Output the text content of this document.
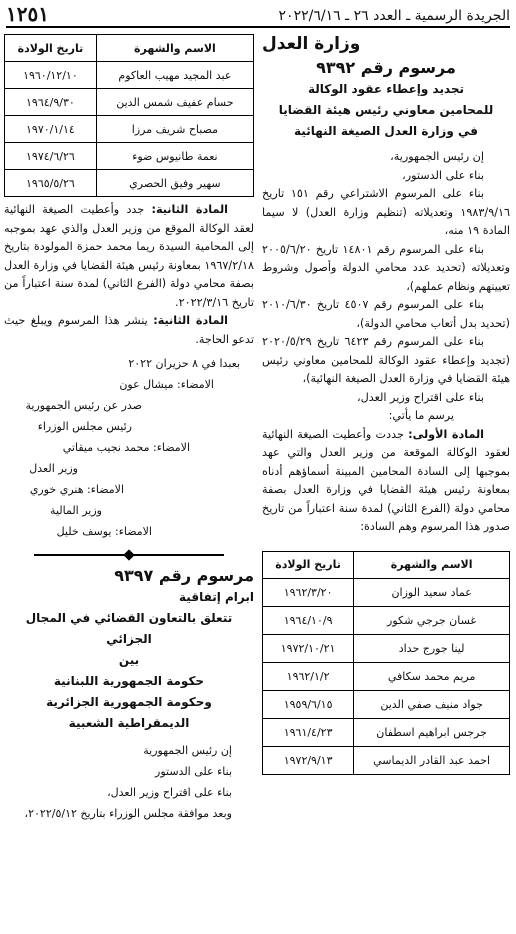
الجريدة الرسمية ـ العدد ٢٦ ـ ٢٠٢٢/٦/١٦
١٢٥١
وزارة العدل
مرسوم رقم ٩٣٩٢
تجديد وإعطاء عقود الوكالة
للمحامين معاوني رئيس هيئة القضايا
في وزارة العدل الصيغة النهائية

إن رئيس الجمهورية،

بناء على الدستور،

بناء على المرسوم الاشتراعي رقم ١٥١ تاريخ ١٩٨٣/٩/١٦ وتعديلاته (تنظيم وزارة العدل) لا سيما المادة ١٩ منه،

بناء على المرسوم رقم ١٤٨٠١ تاريخ ٢٠٠٥/٦/٢٠ وتعديلاته (تحديد عدد محامي الدولة وأصول وشروط تعيينهم ونظام عملهم)،

بناء على المرسوم رقم ٤٥٠٧ تاريخ ٢٠١٠/٦/٣٠ (تحديد بدل أتعاب محامي الدولة)،

بناء على المرسوم رقم ٦٤٢٣ تاريخ ٢٠٢٠/٥/٢٩ (تجديد وإعطاء عقود الوكالة للمحامين معاوني رئيس هيئة القضايا في وزارة العدل الصيغة النهائية)،

بناء على اقتراح وزير العدل،

يرسم ما يأتي:

المادة الأولى: جددت وأعطيت الصيغة النهائية لعقود الوكالة الموقعة من وزير العدل والتي عهد بموجبها إلى السادة المحامين المبينة أسماؤهم أدناه بمعاونة رئيس هيئة القضايا في وزارة العدل بصفة محامي دولة (الفرع الثاني) لمدة سنة اعتباراً من تاريخ صدور هذا المرسوم وهم السادة:

الاسم والشهرة	تاريخ الولادة
عماد سعيد الوزان	١٩٦٢/٣/٢٠
غسان جرجي شكور	١٩٦٤/١٠/٩
لينا جورج حداد	١٩٧٢/١٠/٢١
مريم محمد سكافي	١٩٦٢/١/٢
جواد منيف صفي الدين	١٩٥٩/٦/١٥
جرجس ابراهيم اسطفان	١٩٦١/٤/٢٣
احمد عبد القادر الديماسي	١٩٧٢/٩/١٣
الاسم والشهرة	تاريخ الولادة
عبد المجيد مهيب العاكوم	١٩٦٠/١٢/١٠
حسام عفيف شمس الدين	١٩٦٤/٩/٣٠
مصباح شريف مرزا	١٩٧٠/١/١٤
نعمة طانيوس ضوء	١٩٧٤/٦/٢٦
سهير وفيق الحصري	١٩٦٥/٥/٢٦

المادة الثانية: جدد وأعطيت الصيغة النهائية لعقد الوكالة الموقع من وزير العدل والذي عهد بموجبه إلى المحامية السيدة ريما محمد حمزة المولودة بتاريخ ١٩٦٧/٢/١٨ بمعاونة رئيس هيئة القضايا في وزارة العدل بصفة محامي دولة (الفرع الثاني) لمدة سنة اعتباراً من تاريخ ٢٠٢٢/٣/١٦.

المادة الثانية: ينشر هذا المرسوم ويبلغ حيث تدعو الحاجة.

بعبدا في ٨ حزيران ٢٠٢٢
الامضاء: ميشال عون
صدر عن رئيس الجمهورية
رئيس مجلس الوزراء
الامضاء: محمد نجيب ميقاتي
وزير العدل
الامضاء: هنري خوري
وزير المالية
الامضاء: يوسف خليل
مرسوم رقم ٩٣٩٧
ابرام إتفاقية
تتعلق بالتعاون القضائي في المجال الجزائي
بين
حكومة الجمهورية اللبنانية
وحكومة الجمهورية الجزائرية
الديمقراطية الشعبية
إن رئيس الجمهورية
بناء على الدستور
بناء على اقتراح وزير العدل،
وبعد موافقة مجلس الوزراء بتاريخ ٢٠٢٢/٥/١٢،
